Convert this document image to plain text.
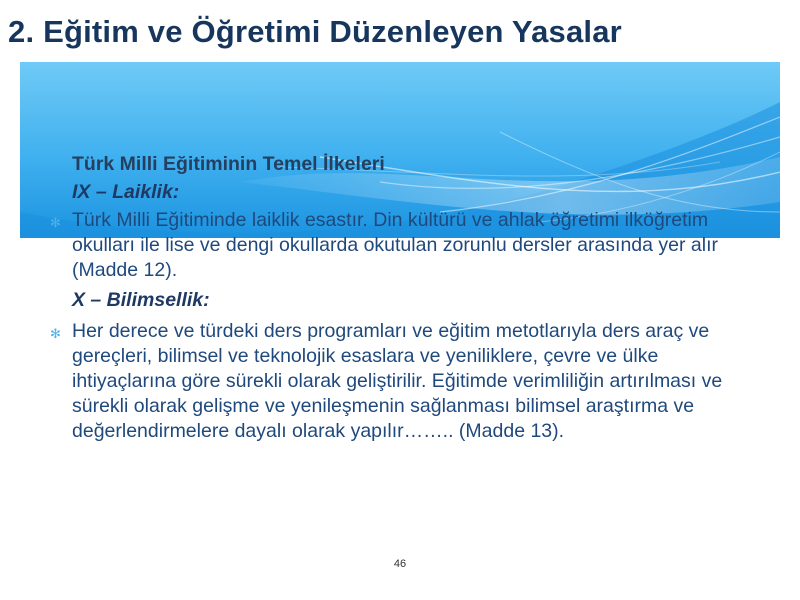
2. Eğitim ve Öğretimi Düzenleyen Yasalar

Türk Milli Eğitiminin Temel İlkeleri

IX – Laiklik:

✻ Türk Milli Eğitiminde laiklik esastır. Din kültürü ve ahlak öğretimi ilköğretim okulları ile lise ve dengi okullarda okutulan zorunlu dersler arasında yer alır (Madde 12).

X – Bilimsellik:

✻ Her derece ve türdeki ders programları ve eğitim metotlarıyla ders araç ve gereçleri, bilimsel ve teknolojik esaslara ve yeniliklere, çevre ve ülke ihtiyaçlarına göre sürekli olarak geliştirilir. Eğitimde verimliliğin artırılması ve sürekli olarak gelişme ve yenileşmenin sağlanması bilimsel araştırma ve değerlendirmelere dayalı olarak yapılır…….. (Madde 13).

46
